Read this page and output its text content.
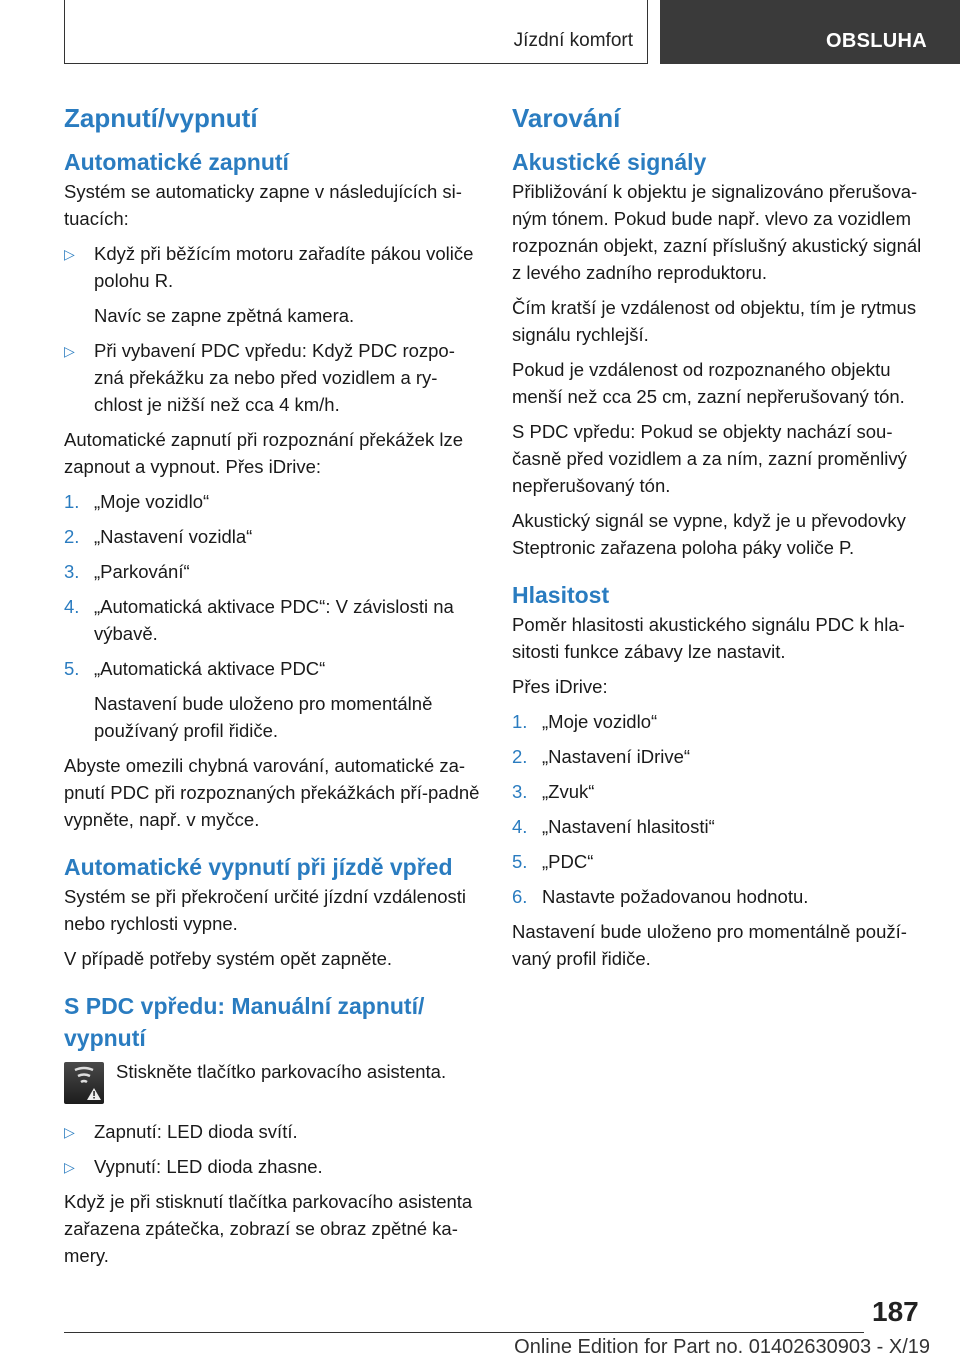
Jízdní komfort	OBSLUHA
Zapnutí/vypnutí
Automatické zapnutí

Systém se automaticky zapne v následujících si-tuacích:

▷ Když při běžícím motoru zařadíte pákou voliče polohu R.
Navíc se zapne zpětná kamera.
▷ Při vybavení PDC vpředu: Když PDC rozpo-zná překážku za nebo před vozidlem a ry-chlost je nižší než cca 4 km/h.

Automatické zapnutí při rozpoznání překážek lze zapnout a vypnout. Přes iDrive:

1. „Moje vozidlo“
2. „Nastavení vozidla“
3. „Parkování“
4. „Automatická aktivace PDC“: V závislosti na výbavě.
5. „Automatická aktivace PDC“
Nastavení bude uloženo pro momentálně používaný profil řidiče.

Abyste omezili chybná varování, automatické za-pnutí PDC při rozpoznaných překážkách pří-padně vypněte, např. v myčce.

Automatické vypnutí při jízdě vpřed

Systém se při překročení určité jízdní vzdálenosti nebo rychlosti vypne.

V případě potřeby systém opět zapněte.

S PDC vpředu: Manuální zapnutí/ vypnutí

Stiskněte tlačítko parkovacího asistenta.

▷ Zapnutí: LED dioda svítí.
▷ Vypnutí: LED dioda zhasne.

Když je při stisknutí tlačítka parkovacího asistenta zařazena zpátečka, zobrazí se obraz zpětné ka-mery.

Varování
Akustické signály

Přibližování k objektu je signalizováno přerušova-ným tónem. Pokud bude např. vlevo za vozidlem rozpoznán objekt, zazní příslušný akustický signál z levého zadního reproduktoru.

Čím kratší je vzdálenost od objektu, tím je rytmus signálu rychlejší.

Pokud je vzdálenost od rozpoznaného objektu menší než cca 25 cm, zazní nepřerušovaný tón.

S PDC vpředu: Pokud se objekty nachází sou-časně před vozidlem a za ním, zazní proměnlivý nepřerušovaný tón.

Akustický signál se vypne, když je u převodovky Steptronic zařazena poloha páky voliče P.

Hlasitost

Poměr hlasitosti akustického signálu PDC k hla-sitosti funkce zábavy lze nastavit.

Přes iDrive:

1. „Moje vozidlo“
2. „Nastavení iDrive“
3. „Zvuk“
4. „Nastavení hlasitosti“
5. „PDC“
6. Nastavte požadovanou hodnotu.

Nastavení bude uloženo pro momentálně použí-vaný profil řidiče.

187
Online Edition for Part no. 01402630903 - X/19
